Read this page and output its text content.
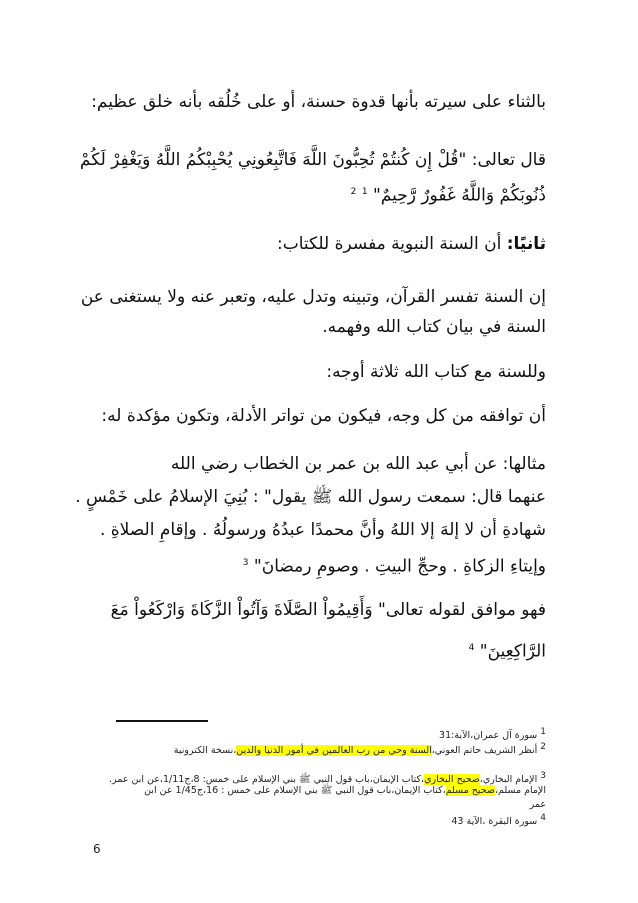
بالثناء على سيرته بأنها قدوة حسنة، أو على خُلُقه بأنه خلق عظيم:
قال تعالى: "قُلْ إِن كُنتُمْ تُحِبُّونَ اللَّهَ فَاتَّبِعُونِي يُحْبِبْكُمُ اللَّهُ وَيَغْفِرْ لَكُمْ
ذُنُوبَكُمْ وَاللَّهُ غَفُورٌ رَّحِيمٌ" $^1$ $^2$
ثانيًا: أن السنة النبوية مفسرة للكتاب:
إن السنة تفسر القرآن، وتبينه وتدل عليه، وتعبر عنه ولا يستغنى عن
السنة في بيان كتاب الله وفهمه.
وللسنة مع كتاب الله ثلاثة أوجه:
أن توافقه من كل وجه، فيكون من تواتر الأدلة، وتكون مؤكدة له:
مثالها: عن أبي عبد الله بن عمر بن الخطاب رضي الله
عنهما قال: سمعت رسول الله ﷺ يقول" : بُنِيَ الإسلامُ على خَمْسٍ .
شهادةِ أن لا إلهَ إلا اللهُ وأنَّ محمدًا عبدُهُ ورسولُهُ . وإقامِ الصلاةِ .
وإيتاءِ الزكاةِ . وحجِّ البيتِ . وصومِ رمضانَ" $^3$
فهو موافق لقوله تعالى" وَأَقِيمُواْ الصَّلَاةَ وَآتُواْ الزَّكَاةَ وَارْكَعُواْ مَعَ
الرَّاكِعِينَ" $^4$
1 سورة آل عمران،الآية:31
2 أنظر الشريف حاتم العوني،السنة وحي من رب العالمين في أمور الدنيا والدين،نسخة الكترونية
3 الإمام البخاري،صحيح البخاري،كتاب الإيمان،باب قول النبي ﷺ بني الإسلام على خمس: 8،ج1/11،عن ابن عمر.
الإمام مسلم،صحيح مسلم،كتاب الإيمان،باب قول النبي ﷺ بني الإسلام على خمس : 16،ج1/45 عن ابن
عمر
4 سورة البقرة ،الآية 43
6
